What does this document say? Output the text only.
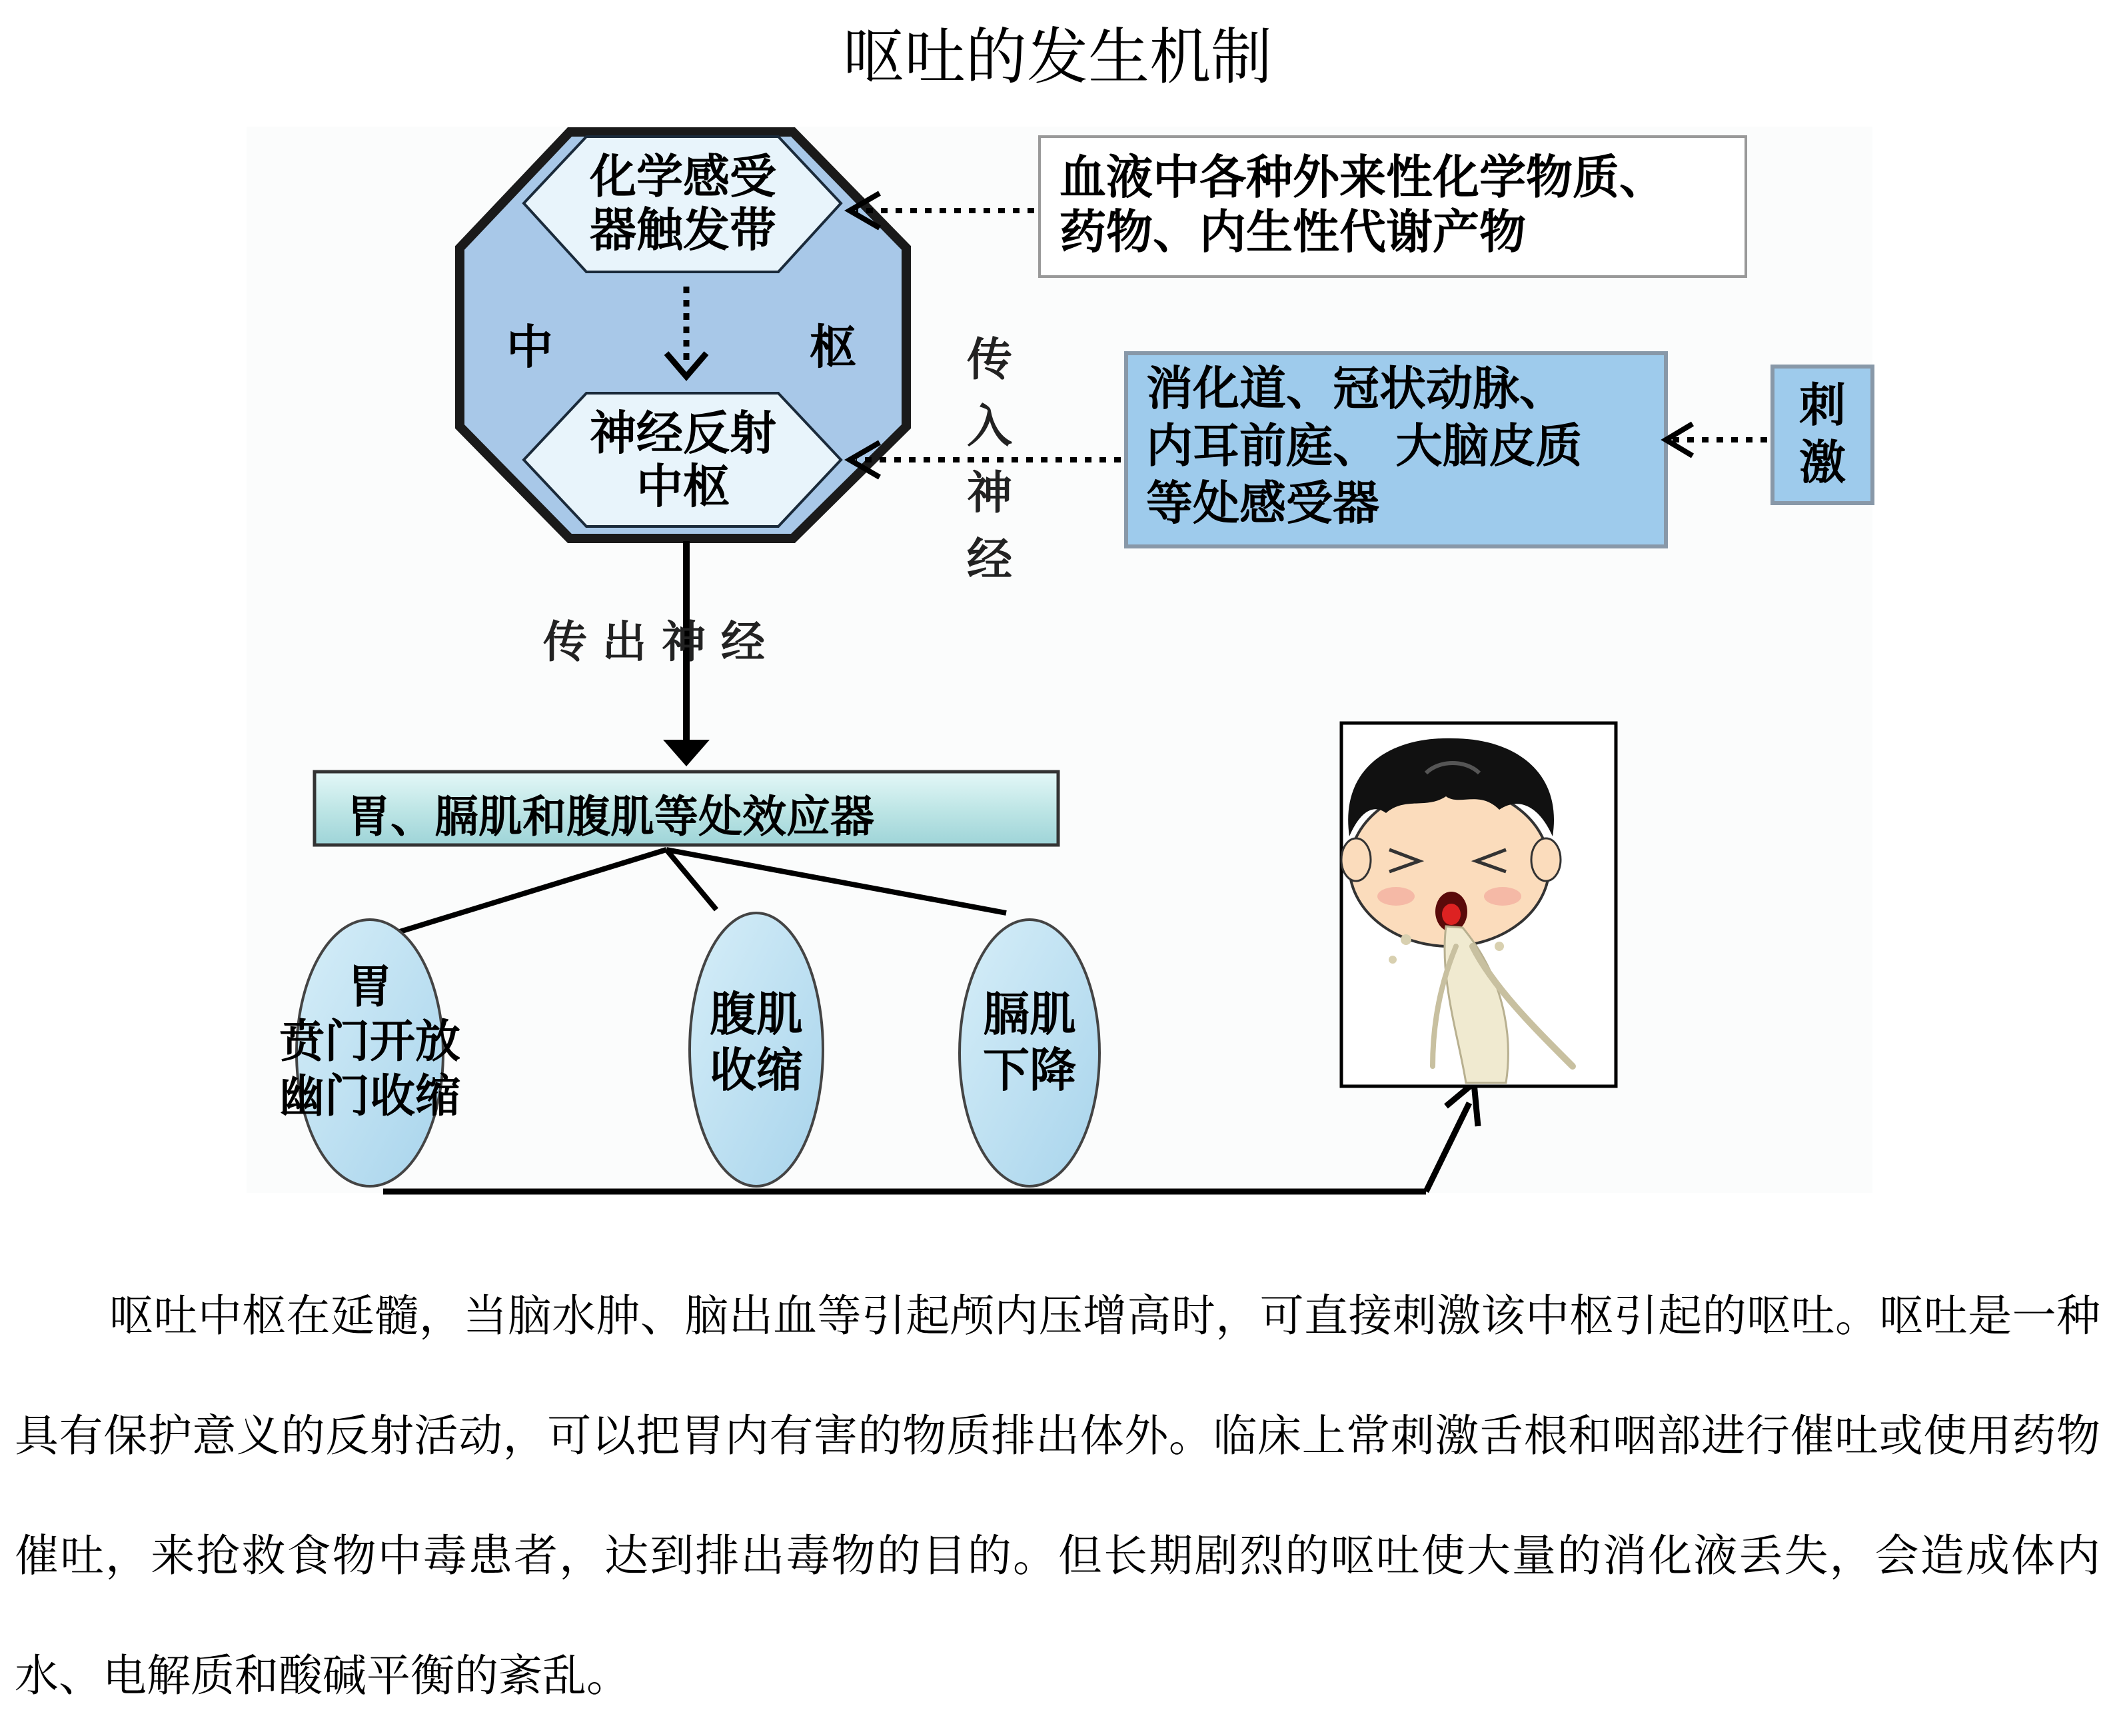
呕吐的发生机制
化学感受
器触发带
中	枢
神经反射
中枢
血液中各种外来性化学物质、
药物、内生性代谢产物
消化道、冠状动脉、
内耳前庭、 大脑皮质
等处感受器
刺
激
传
入
神
经
传 出 神 经
胃、膈肌和腹肌等处效应器
胃
贲门开放
幽门收缩
腹肌
收缩
膈肌
下降
呕吐中枢在延髓，当脑水肿、脑出血等引起颅内压增高时，可直接刺激该中枢引起的呕吐。呕吐是一种具有保护意义的反射活动，可以把胃内有害的物质排出体外。临床上常刺激舌根和咽部进行催吐或使用药物催吐，来抢救食物中毒患者，达到排出毒物的目的。但长期剧烈的呕吐使大量的消化液丢失，会造成体内水、电解质和酸碱平衡的紊乱。
